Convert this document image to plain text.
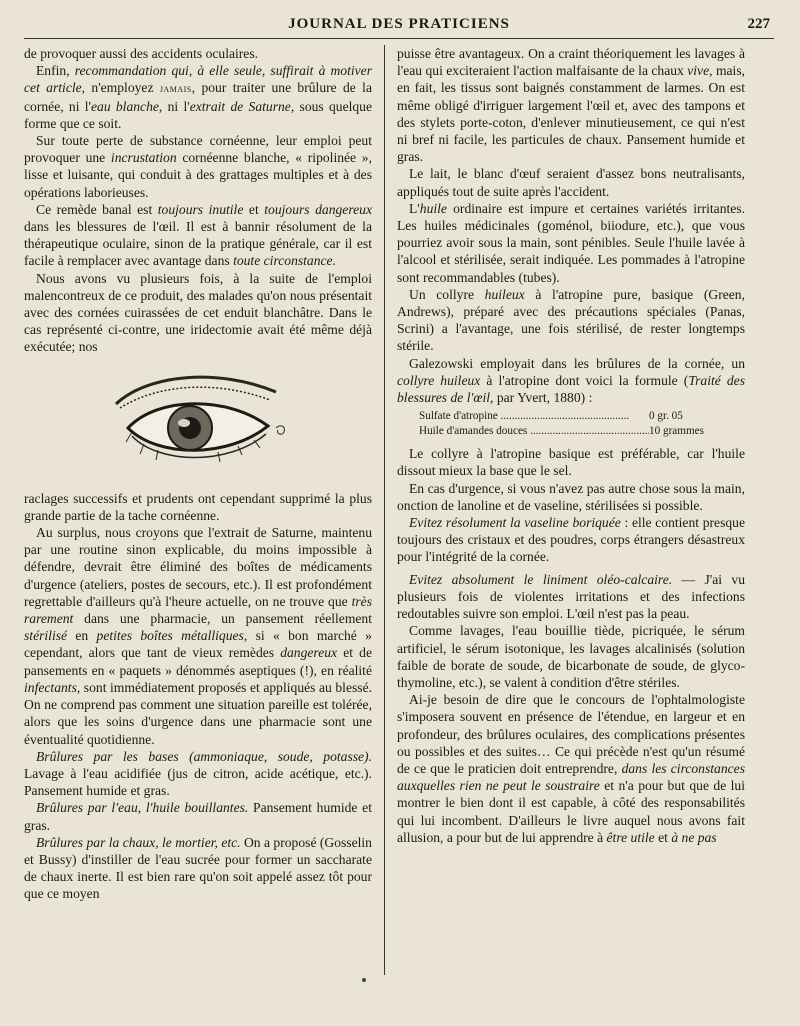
JOURNAL DES PRATICIENS	227

de provoquer aussi des accidents oculaires.

Enfin, recommandation qui, à elle seule, suffirait à motiver cet article, n'employez jamais, pour traiter une brûlure de la cornée, ni l'eau blanche, ni l'extrait de Saturne, sous quelque forme que ce soit.

Sur toute perte de substance cornéenne, leur emploi peut provoquer une incrustation cornéenne blanche, « ripolinée », lisse et luisante, qui conduit à des grattages multiples et à des opérations laborieuses.

Ce remède banal est toujours inutile et toujours dangereux dans les blessures de l'œil. Il est à bannir résolument de la thérapeutique oculaire, sinon de la pratique générale, car il est facile à remplacer avec avantage dans toute circonstance.

Nous avons vu plusieurs fois, à la suite de l'emploi malencontreux de ce produit, des malades qu'on nous présentait avec des cornées cuirassées de cet enduit blanchâtre. Dans le cas représenté ci-contre, une iridectomie avait été même déjà exécutée; nos

raclages successifs et prudents ont cependant supprimé la plus grande partie de la tache cornéenne.

Au surplus, nous croyons que l'extrait de Saturne, maintenu par une routine sinon explicable, du moins impossible à défendre, devrait être éliminé des boîtes de médicaments d'urgence (ateliers, postes de secours, etc.). Il est profondément regrettable d'ailleurs qu'à l'heure actuelle, on ne trouve que très rarement dans une pharmacie, un pansement réellement stérilisé en petites boîtes métalliques, si « bon marché » cependant, alors que tant de vieux remèdes dangereux et de pansements en « paquets » dénommés aseptiques (!), en réalité infectants, sont immédiatement proposés et appliqués au blessé. On ne comprend pas comment une situation pareille est tolérée, alors que les soins d'urgence dans une pharmacie sont une éventualité quotidienne.

Brûlures par les bases (ammoniaque, soude, potasse). Lavage à l'eau acidifiée (jus de citron, acide acétique, etc.). Pansement humide et gras.

Brûlures par l'eau, l'huile bouillantes. Pansement humide et gras.

Brûlures par la chaux, le mortier, etc. On a proposé (Gosselin et Bussy) d'instiller de l'eau sucrée pour former un saccharate de chaux inerte. Il est bien rare qu'on soit appelé assez tôt pour que ce moyen

puisse être avantageux. On a craint théoriquement les lavages à l'eau qui exciteraient l'action malfaisante de la chaux vive, mais, en fait, les tissus sont baignés constamment de larmes. On est même obligé d'irriguer largement l'œil et, avec des tampons et des stylets porte-coton, d'enlever minutieusement, ce qui n'est ni bref ni facile, les particules de chaux. Pansement humide et gras.

Le lait, le blanc d'œuf seraient d'assez bons neutralisants, appliqués tout de suite après l'accident.

L'huile ordinaire est impure et certaines variétés irritantes. Les huiles médicinales (goménol, biiodure, etc.), que vous pourriez avoir sous la main, sont pénibles. Seule l'huile lavée à l'alcool et stérilisée, serait indiquée. Les pommades à l'atropine sont recommandables (tubes).

Un collyre huileux à l'atropine pure, basique (Green, Andrews), préparé avec des précautions spéciales (Panas, Scrini) a l'avantage, une fois stérilisé, de rester longtemps stérile.

Galezowski employait dans les brûlures de la cornée, un collyre huileux à l'atropine dont voici la formule (Traité des blessures de l'œil, par Yvert, 1880) :

Sulfate d'atropine .....	0 gr. 05
Huile d'amandes douces .....	10 grammes

Le collyre à l'atropine basique est préférable, car l'huile dissout mieux la base que le sel.

En cas d'urgence, si vous n'avez pas autre chose sous la main, onction de lanoline et de vaseline, stérilisées si possible.

Evitez résolument la vaseline boriquée : elle contient presque toujours des cristaux et des poudres, corps étrangers désastreux pour l'intégrité de la cornée.

Evitez absolument le liniment oléo-calcaire. — J'ai vu plusieurs fois de violentes irritations et des infections redoutables suivre son emploi. L'œil n'est pas la peau.

Comme lavages, l'eau bouillie tiède, picriquée, le sérum artificiel, le sérum isotonique, les lavages alcalinisés (solution faible de borate de soude, de bicarbonate de soude, de glyco-thymoline, etc.), se valent à condition d'être stériles.

Ai-je besoin de dire que le concours de l'ophtalmologiste s'imposera souvent en présence de l'étendue, en largeur et en profondeur, des brûlures oculaires, des complications présentes ou possibles et des suites… Ce qui précède n'est qu'un résumé de ce que le praticien doit entreprendre, dans les circonstances auxquelles rien ne peut le soustraire et n'a pour but que de lui montrer le bien dont il est capable, à côté des responsabilités qui lui incombent. D'ailleurs le livre auquel nous avons fait allusion, a pour but de lui apprendre à être utile et à ne pas
